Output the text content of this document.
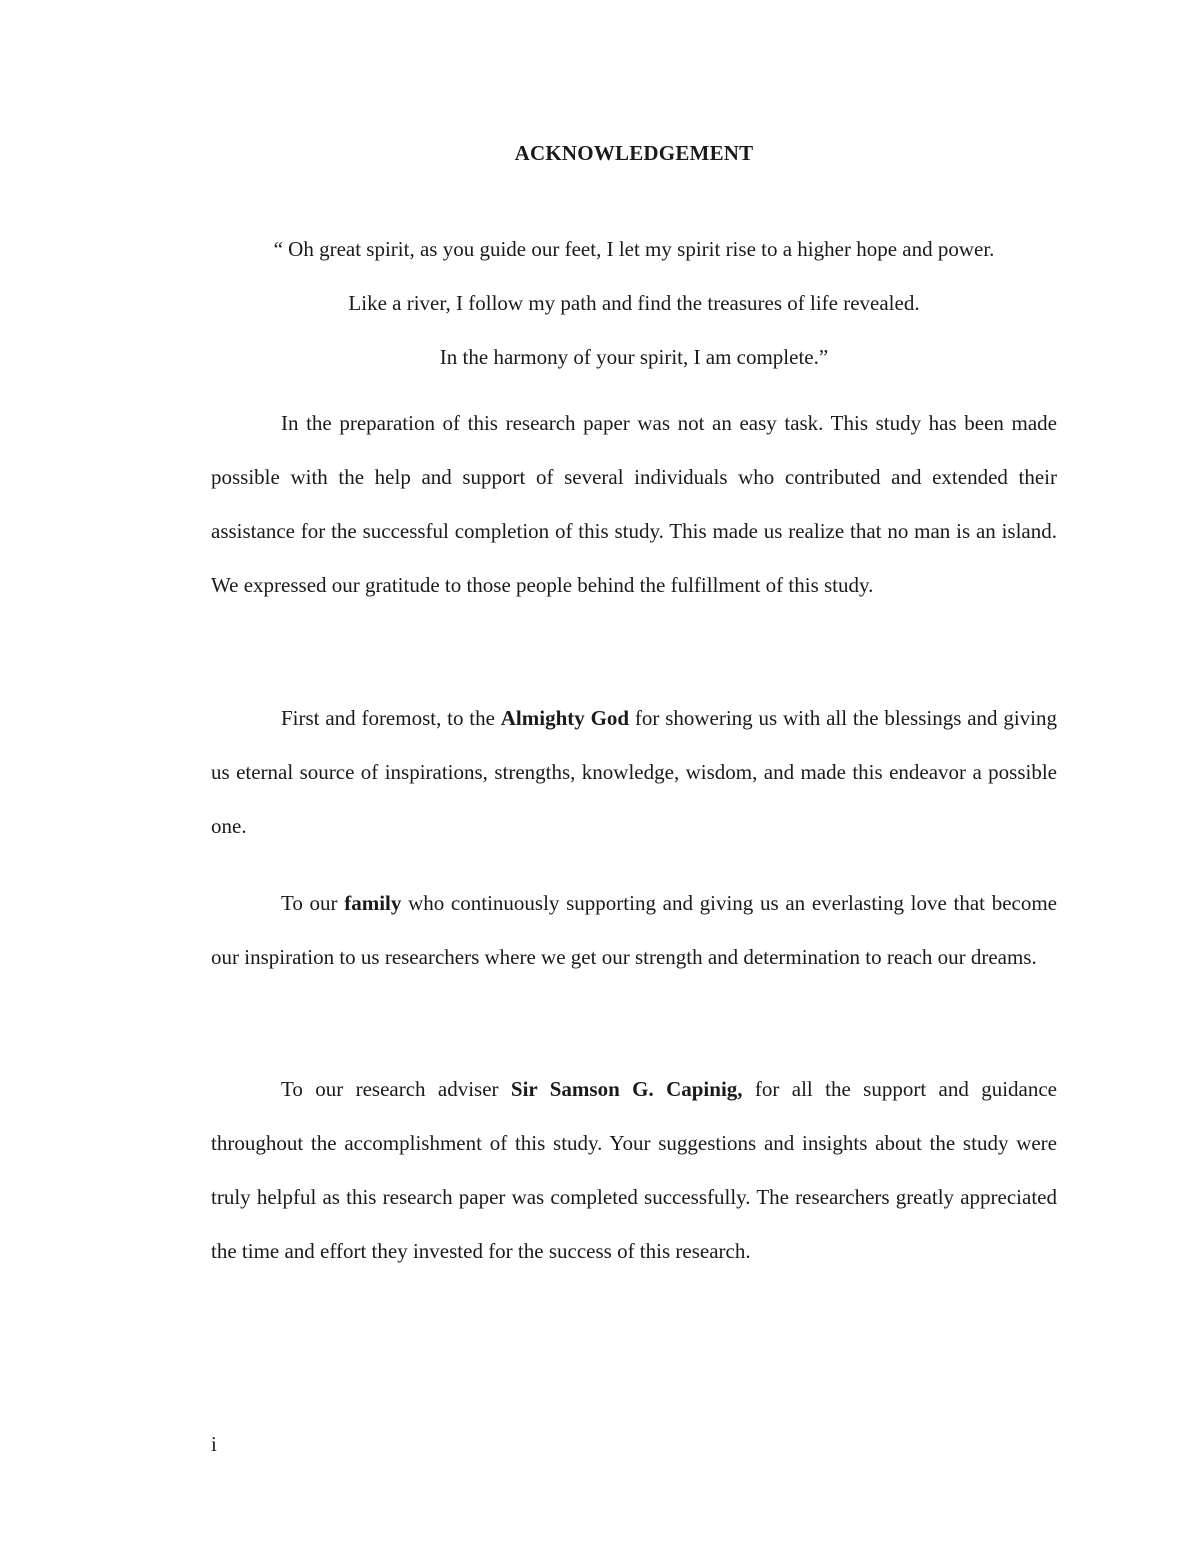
ACKNOWLEDGEMENT
“ Oh great spirit, as you guide our feet, I let my spirit rise to a higher hope and power.
Like a river, I follow my path and find the treasures of life revealed.
In the harmony of your spirit, I am complete.”

In the preparation of this research paper was not an easy task. This study has been made possible with the help and support of several individuals who contributed and extended their assistance for the successful completion of this study. This made us realize that no man is an island. We expressed our gratitude to those people behind the fulfillment of this study.

First and foremost, to the Almighty God for showering us with all the blessings and giving us eternal source of inspirations, strengths, knowledge, wisdom, and made this endeavor a possible one.

To our family who continuously supporting and giving us an everlasting love that become our inspiration to us researchers where we get our strength and determination to reach our dreams.

To our research adviser Sir Samson G. Capinig, for all the support and guidance throughout the accomplishment of this study. Your suggestions and insights about the study were truly helpful as this research paper was completed successfully. The researchers greatly appreciated the time and effort they invested for the success of this research.

i
